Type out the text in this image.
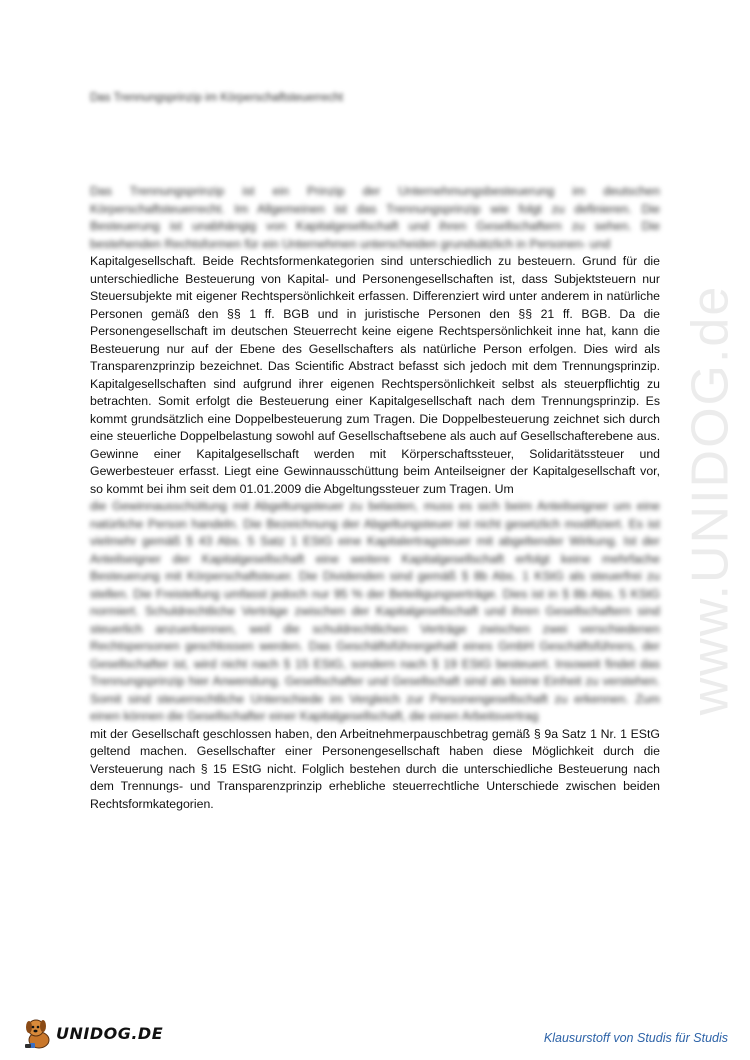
Das Trennungsprinzip im Körperschaftsteuerrecht
Das Trennungsprinzip ist ein Prinzip der Unternehmungsbesteuerung im deutschen Körperschaftsteuerrecht. Im Allgemeinen ist das Trennungsprinzip wie folgt zu definieren. Die Besteuerung ist unabhängig von Kapitalgesellschaft und ihren Gesellschaftern zu sehen. Die bestehenden Rechtsformen für ein Unternehmen unterscheiden grundsätzlich in Personen- und
Kapitalgesellschaft. Beide Rechtsformenkategorien sind unterschiedlich zu besteuern. Grund für die unterschiedliche Besteuerung von Kapital- und Personengesellschaften ist, dass Subjektsteuern nur Steuersubjekte mit eigener Rechtspersönlichkeit erfassen. Differenziert wird unter anderem in natürliche Personen gemäß den §§ 1 ff. BGB und in juristische Personen den §§ 21 ff. BGB. Da die Personengesellschaft im deutschen Steuerrecht keine eigene Rechtspersönlichkeit inne hat, kann die Besteuerung nur auf der Ebene des Gesellschafters als natürliche Person erfolgen. Dies wird als Transparenzprinzip bezeichnet. Das Scientific Abstract befasst sich jedoch mit dem Trennungsprinzip. Kapitalgesellschaften sind aufgrund ihrer eigenen Rechtspersönlichkeit selbst als steuerpflichtig zu betrachten. Somit erfolgt die Besteuerung einer Kapitalgesellschaft nach dem Trennungsprinzip. Es kommt grundsätzlich eine Doppelbesteuerung zum Tragen. Die Doppelbesteuerung zeichnet sich durch eine steuerliche Doppelbelastung sowohl auf Gesellschaftsebene als auch auf Gesellschafterebene aus. Gewinne einer Kapitalgesellschaft werden mit Körperschaftssteuer, Solidaritätssteuer und Gewerbesteuer erfasst. Liegt eine Gewinnausschüttung beim Anteilseigner der Kapitalgesellschaft vor, so kommt bei ihm seit dem 01.01.2009 die Abgeltungssteuer zum Tragen. Um
die Gewinnausschüttung mit Abgeltungsteuer zu belasten, muss es sich beim Anteilseigner um eine natürliche Person handeln. Die Bezeichnung der Abgeltungsteuer ist nicht gesetzlich modifiziert. Es ist vielmehr gemäß § 43 Abs. 5 Satz 1 EStG eine Kapitalertragsteuer mit abgeltender Wirkung. Ist der Anteilseigner der Kapitalgesellschaft eine weitere Kapitalgesellschaft erfolgt keine mehrfache Besteuerung mit Körperschaftsteuer. Die Dividenden sind gemäß § 8b Abs. 1 KStG als steuerfrei zu stellen. Die Freistellung umfasst jedoch nur 95 % der Beteiligungserträge. Dies ist in § 8b Abs. 5 KStG normiert. Schuldrechtliche Verträge zwischen der Kapitalgesellschaft und ihren Gesellschaftern sind steuerlich anzuerkennen, weil die schuldrechtlichen Verträge zwischen zwei verschiedenen Rechtspersonen geschlossen werden. Das Geschäftsführergehalt eines GmbH Geschäftsführers, der Gesellschafter ist, wird nicht nach § 15 EStG, sondern nach § 19 EStG besteuert. Insoweit findet das Trennungsprinzip hier Anwendung. Gesellschafter und Gesellschaft sind als keine Einheit zu verstehen. Somit sind steuerrechtliche Unterschiede im Vergleich zur Personengesellschaft zu erkennen. Zum einen können die Gesellschafter einer Kapitalgesellschaft, die einen Arbeitsvertrag
mit der Gesellschaft geschlossen haben, den Arbeitnehmerpauschbetrag gemäß § 9a Satz 1 Nr. 1 EStG geltend machen. Gesellschafter einer Personengesellschaft haben diese Möglichkeit durch die Versteuerung nach § 15 EStG nicht. Folglich bestehen durch die unterschiedliche Besteuerung nach dem Trennungs- und Transparenzprinzip erhebliche steuerrechtliche Unterschiede zwischen beiden Rechtsformkategorien.
www.UNIDOG.de
UNIDOG.DE	Klausurstoff von Studis für Studis
